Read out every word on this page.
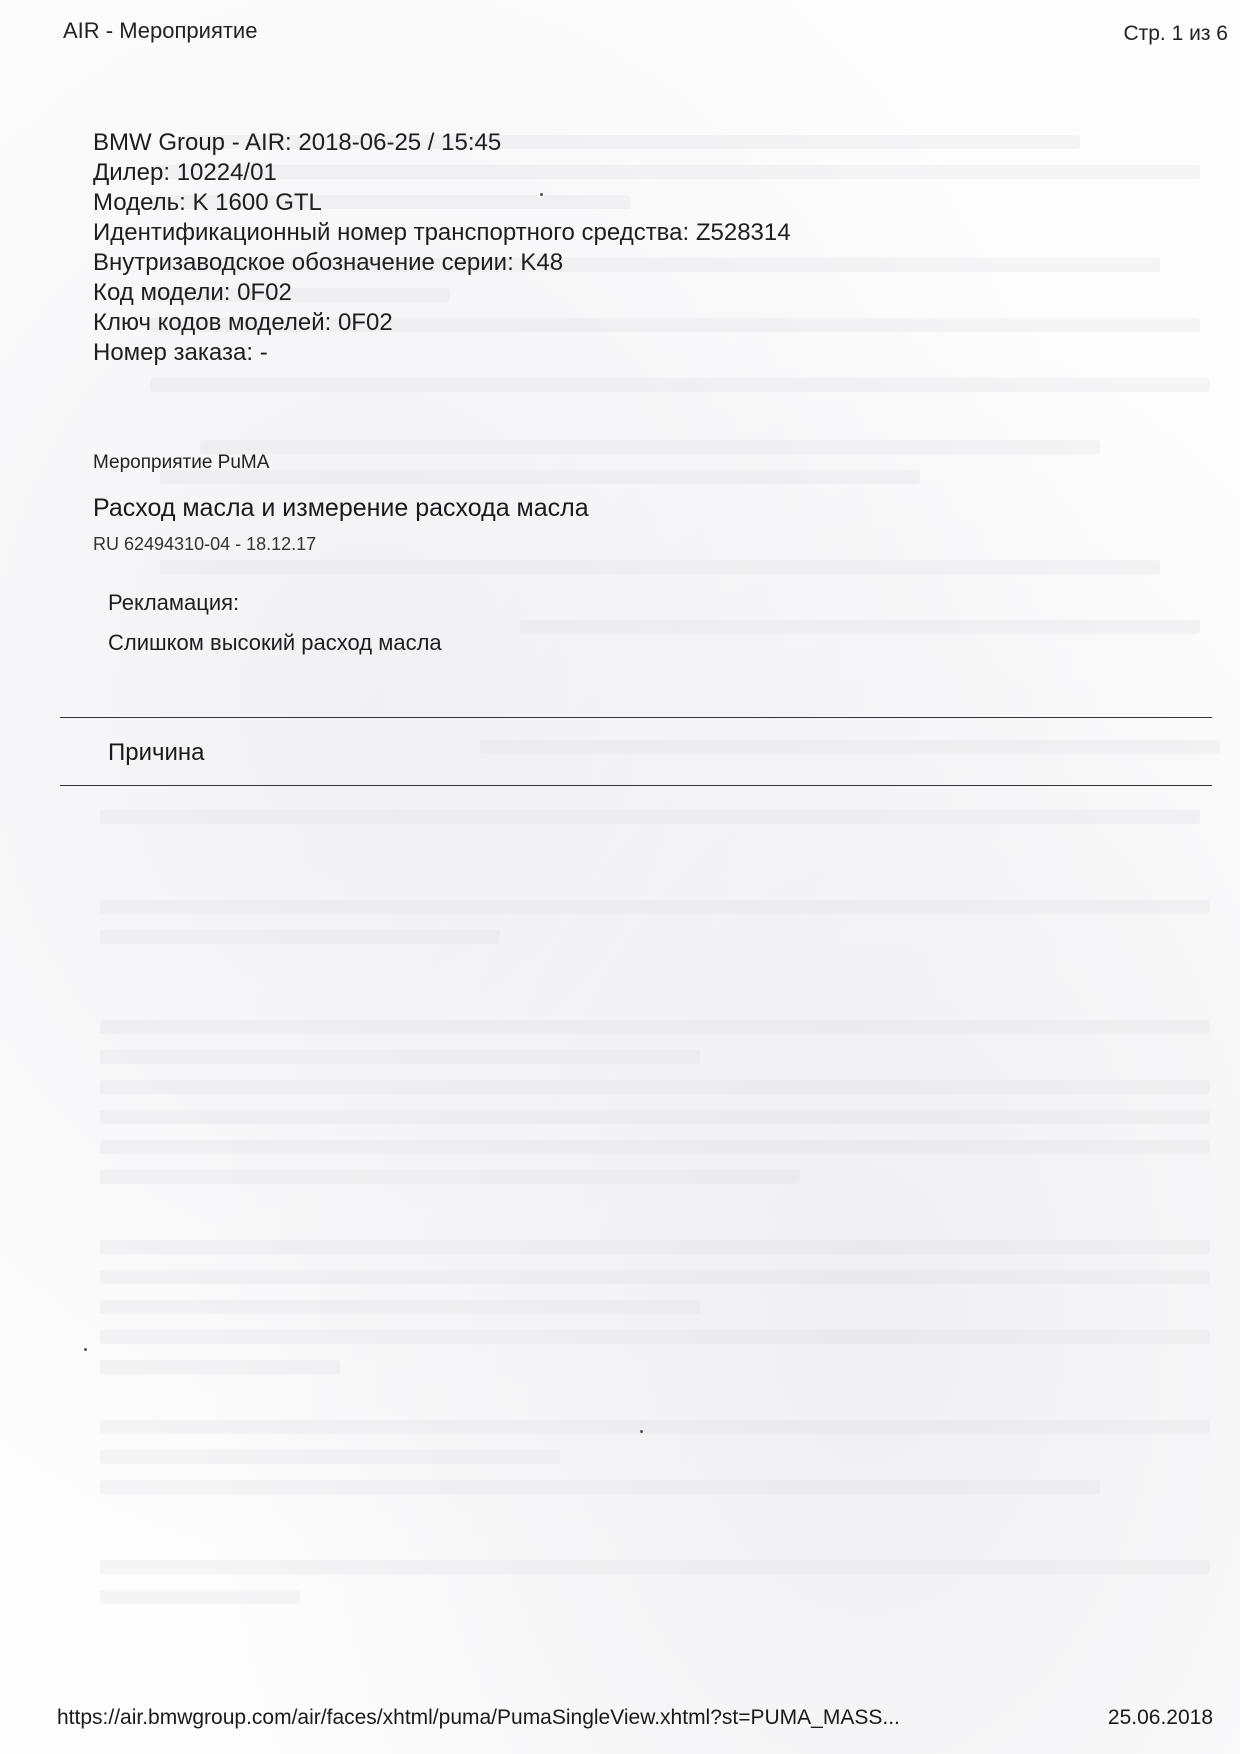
AIR - Мероприятие	Стр. 1 из 6
BMW Group - AIR: 2018-06-25 / 15:45
Дилер: 10224/01
Модель: K 1600 GTL
Идентификационный номер транспортного средства: Z528314
Внутризаводское обозначение серии: K48
Код модели: 0F02
Ключ кодов моделей: 0F02
Номер заказа: -
Мероприятие PuMA
Расход масла и измерение расхода масла
RU 62494310-04 - 18.12.17
Рекламация:
Слишком высокий расход масла
Причина
https://air.bmwgroup.com/air/faces/xhtml/puma/PumaSingleView.xhtml?st=PUMA_MASS...	25.06.2018
